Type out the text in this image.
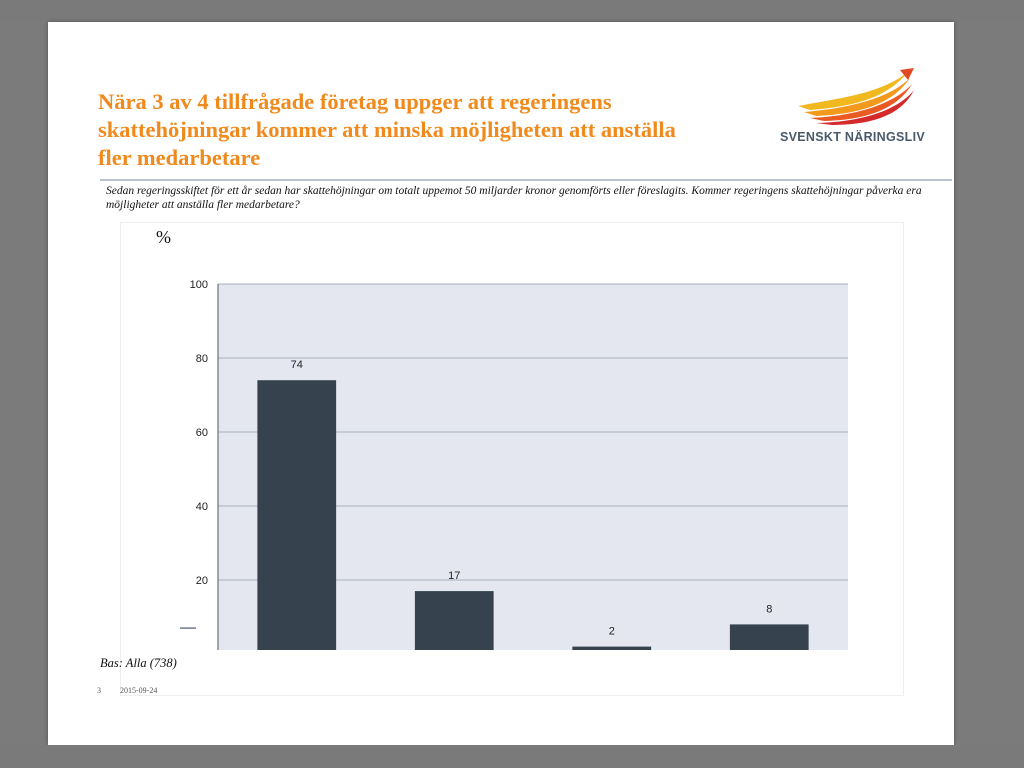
Nära 3 av 4 tillfrågade företag uppger att regeringens skattehöjningar kommer att minska möjligheten att anställa fler medarbetare
SVENSKT NÄRINGSLIV

Sedan regeringsskiftet för ett år sedan har skattehöjningar om totalt uppemot 50 miljarder kronor genomförts eller föreslagits. Kommer regeringens skattehöjningar påverka era möjligheter att anställa fler medarbetare?

%
20
40
60
80
100
74
17
2
8
Bas: Alla (738)
3 2015-09-24
